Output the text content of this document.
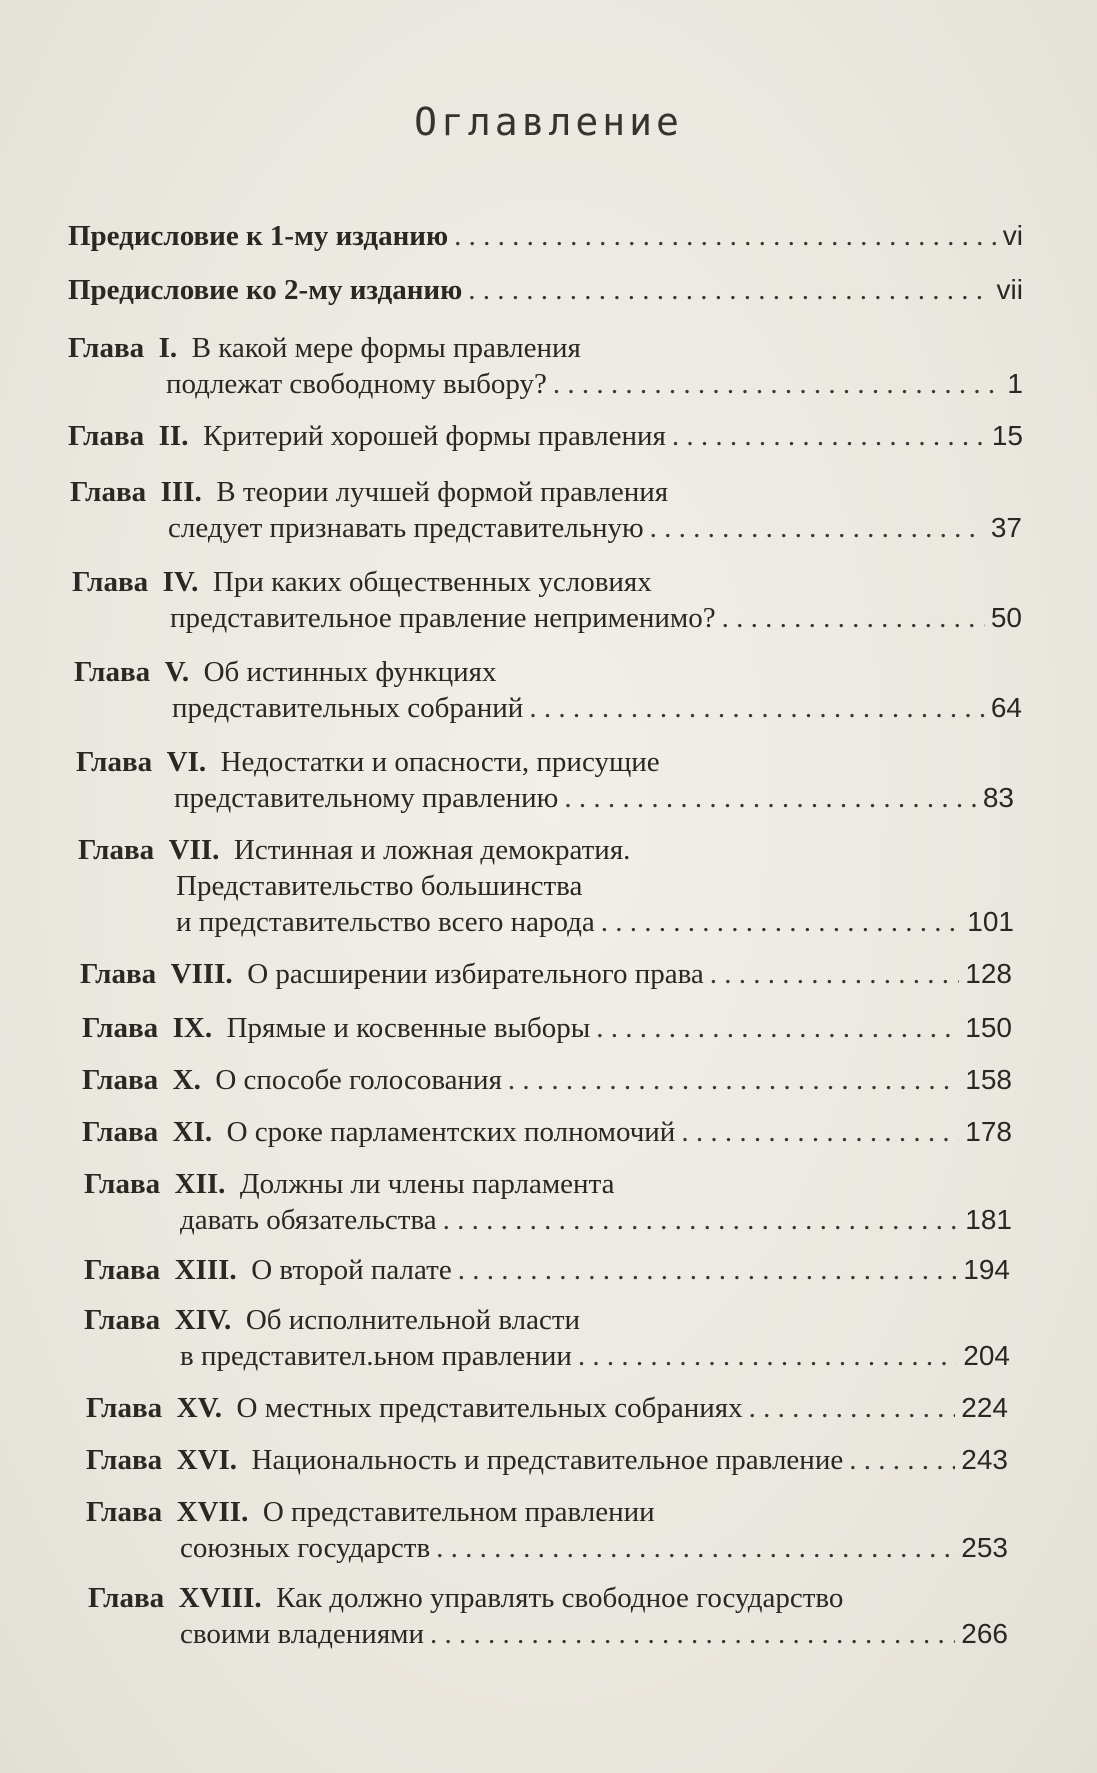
Оглавление
Предисловие к 1-му изданию . . .	vi
Предисловие ко 2-му изданию . . .	vii
Глава
I.
В какой мере формы правления
подлежат свободному выбору? . . .	1
Глава
II.
Критерий хорошей формы правления . . .	15
Глава
III.
В теории лучшей формой правления
следует признавать представительную . . .	37
Глава
IV.
При каких общественных условиях
представительное правление неприменимо? . . .	50
Глава
V.
Об истинных функциях
представительных собраний . . .	64
Глава
VI.
Недостатки и опасности, присущие
представительному правлению . . .	83
Глава
VII.
Истинная и ложная демократия.
Представительство большинства
и представительство всего народа . . .	101
Глава
VIII.
О расширении избирательного права . . .	128
Глава
IX.
Прямые и косвенные выборы . . .	150
Глава
X.
О способе голосования . . .	158
Глава
XI.
О сроке парламентских полномочий . . .	178
Глава
XII.
Должны ли члены парламента
давать обязательства . . .	181
Глава
XIII.
О второй палате . . .	194
Глава
XIV.
Об исполнительной власти
в представител.ьном правлении . . .	204
Глава
XV.
О местных представительных собраниях . . .	224
Глава
XVI.
Национальность и представительное правление . . .	243
Глава
XVII.
О представительном правлении
союзных государств . . .	253
Глава
XVIII.
Как должно управлять свободное государство
своими владениями . . .	266
